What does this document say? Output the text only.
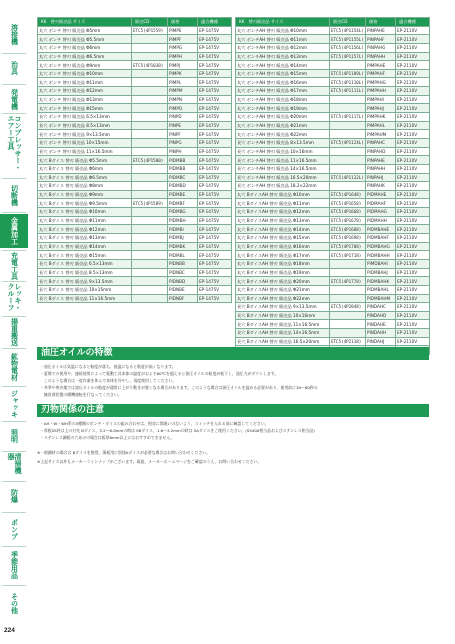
溶接機
治具
発電機
コンプレッサー・エアー工具
切断機
金属加工
充電工具
レッキ・クルーフ
揚重搬送
鉱物電材
ジャッキ
照明
清掃機器
防爆
ポンプ
季節用品
その他
KK　替刃販売品 サイズ	販売CD	価格	適合機種
丸穴 ボンチ 替刃 販売品 Φ5mm	ETC5(4P1559)	PIMPE	EP-1475V
丸穴 ボンチ 替刃 販売品 Φ5.5mm		PIMPF	EP-1475V
丸穴 ボンチ 替刃 販売品 Φ6mm		PIMPG	EP-1475V
丸穴 ボンチ 替刃 販売品 Φ6.5mm		PIMPH	EP-1475V
丸穴 ボンチ 替刃 販売品 Φ9mm	ETC5(4P1030)	PIMPJ	EP-1475V
丸穴 ボンチ 替刃 販売品 Φ10mm		PIMPK	EP-1475V
丸穴 ボンチ 替刃 販売品 Φ11mm		PIMPL	EP-1475V
丸穴 ボンチ 替刃 販売品 Φ12mm		PIMPM	EP-1475V
丸穴 ボンチ 替刃 販売品 Φ13mm		PIMPN	EP-1475V
丸穴 ボンチ 替刃 販売品 Φ15mm		PIMPO	EP-1475V
長穴 ボンチ 替刃 販売品 6.5×13mm		PINPD	EP-1475V
長穴 ボンチ 替刃 販売品 8.5×13mm		PINPE	EP-1475V
長穴 ボンチ 替刃 販売品 9×13.5mm		PINPF	EP-1475V
長穴 ボンチ 替刃 販売品 10×15mm		PINPG	EP-1475V
長穴 ボンチ 替刃 販売品 11×16.5mm		PINPH	EP-1475V
丸穴 Bダイス 替刃 販売品 Φ5.5mm	ETC5(4P1580)	PIDMBB	EP-1475V
丸穴 Bダイス 替刃 販売品 Φ6mm		PIDMBB	EP-1475V
丸穴 Bダイス 替刃 販売品 Φ6.5mm		PIDMBC	EP-1475V
丸穴 Bダイス 替刃 販売品 Φ8mm		PIDMBD	EP-1475V
丸穴 Bダイス 替刃 販売品 Φ9mm		PIDMBE	EP-1475V
丸穴 Bダイス 替刃 販売品 Φ9.5mm	ETC5(4P1589)	PIDMBF	EP-1475V
丸穴 Bダイス 替刃 販売品 Φ10mm		PIDMBG	EP-1475V
丸穴 Bダイス 替刃 販売品 Φ11mm		PIDMBH	EP-1475V
丸穴 Bダイス 替刃 販売品 Φ12mm		PIDMBI	EP-1475V
丸穴 Bダイス 替刃 販売品 Φ13mm		PIDMBJ	EP-1475V
丸穴 Bダイス 替刃 販売品 Φ14mm		PIDMBK	EP-1475V
丸穴 Bダイス 替刃 販売品 Φ15mm		PIDMBL	EP-1475V
長穴 Bダイス 替刃 販売品 6.5×13mm		PIDNBB	EP-1475V
長穴 Bダイス 替刃 販売品 8.5×13mm		PIDNBC	EP-1475V
長穴 Bダイス 替刃 販売品 9×13.5mm		PIDNBD	EP-1475V
長穴 Bダイス 替刃 販売品 10×15mm		PIDNBE	EP-1475V
長穴 Bダイス 替刃 販売品 11×16.5mm		PIDNBF	EP-1475V
KK　替刃販売品 サイズ	販売CD	価格	適合機種
丸穴 ボンチAH 替刃 販売品 Φ10mm	ETC5(4P1154L)	PINPAHE	EP-2110V
丸穴 ボンチAH 替刃 販売品 Φ11mm	ETC5(4P1155L)	PINPAHF	EP-2110V
丸穴 ボンチAH 替刃 販売品 Φ12mm	ETC5(4P1156L)	PINPAHG	EP-2110V
丸穴 ボンチAH 替刃 販売品 Φ13mm	ETC5(4P1157L)	PINPAHH	EP-2110V
丸穴 ボンチAH 替刃 販売品 Φ14mm		PIMPAHE	EP-2110V
丸穴 ボンチAH 替刃 販売品 Φ15mm	ETC5(4P1109L)	PIMPAHF	EP-2110V
丸穴 ボンチAH 替刃 販売品 Φ16mm	ETC5(4P1110L)	PIMPAHG	EP-2110V
丸穴 ボンチAH 替刃 販売品 Φ17mm	ETC5(4P1111L)	PIMPAHH	EP-2110V
丸穴 ボンチAH 替刃 販売品 Φ18mm		PIMPAHI	EP-2110V
丸穴 ボンチAH 替刃 販売品 Φ19mm		PIMPAHJ	EP-2110V
丸穴 ボンチAH 替刃 販売品 Φ20mm	ETC5(4P1117L)	PIMPAHK	EP-2110V
丸穴 ボンチAH 替刃 販売品 Φ21mm		PIMPAHL	EP-2110V
丸穴 ボンチAH 替刃 販売品 Φ22mm		PIMPAHM	EP-2110V
長穴 ボンチAH 替刃 販売品 8×13.5mm	ETC5(4P1124L)	PINPAHC	EP-2110V
長穴 ボンチAH 替刃 販売品 10×16mm		PINPAHD	EP-2110V
長穴 ボンチAH 替刃 販売品 11×16.5mm		PINPAHE	EP-2110V
長穴 ボンチAH 替刃 販売品 14×16.5mm		PINPAHH	EP-2110V
長穴 ボンチAH 替刃 販売品 16.5×20mm	ETC5(4P1132L)	PINPAHJ	EP-2110V
長穴 ボンチAH 替刃 販売品 18.2×22mm		PINPAHK	EP-2110V
丸穴 BダイスAH 替刃 販売品 Φ10mm	ETC5(4P1648)	PIDMAHE	EP-2110V
丸穴 BダイスAH 替刃 販売品 Φ11mm	ETC5(4P1658)	PIDMAHF	EP-2110V
丸穴 BダイスAH 替刃 販売品 Φ12mm	ETC5(4P1668)	PIDMAHG	EP-2110V
丸穴 BダイスAH 替刃 販売品 Φ13mm	ETC5(4P1678)	PIDMAHH	EP-2110V
丸穴 BダイスAH 替刃 販売品 Φ14mm	ETC5(4P1688)	PIDMBAHE	EP-2110V
丸穴 BダイスAH 替刃 販売品 Φ15mm	ETC5(4P1698)	PIDMBAHF	EP-2110V
丸穴 BダイスAH 替刃 販売品 Φ16mm	ETC5(4P1708)	PIDMBAHG	EP-2110V
丸穴 BダイスAH 替刃 販売品 Φ17mm	ETC5(4P1718)	PIDMBAHH	EP-2110V
丸穴 BダイスAH 替刃 販売品 Φ18mm		PIMDBAHI	EP-2110V
丸穴 BダイスAH 替刃 販売品 Φ19mm		PIDMBAHJ	EP-2110V
丸穴 BダイスAH 替刃 販売品 Φ20mm	ETC5(4P1778)	PIDMBAHK	EP-2110V
丸穴 BダイスAH 替刃 販売品 Φ21mm		PIDMBAHL	EP-2110V
丸穴 BダイスAH 替刃 販売品 Φ22mm		PIDMBAHM	EP-2110V
長穴 BダイスAH 替刃 販売品 9×13.5mm	ETC5(4P2048)	PINDAHC	EP-2110V
長穴 BダイスAH 替刃 販売品 10×16mm		PINDAHD	EP-2110V
長穴 BダイスAH 替刃 販売品 11×16.5mm		PINDAHE	EP-2110V
長穴 BダイスAH 替刃 販売品 14×16.5mm		PINDAHH	EP-2110V
長穴 BダイスAH 替刃 販売品 16.5×20mm	ETC5(4P2118)	PINDAHJ	EP-2110V

油圧オイルの特徴
・油圧オイルは気温になると粘度が落ち、低温になると粘度が高くなります。
・夏場での使用や、連続使用によって電動工具本体の温度がおよそ60℃を超えると油圧オイルの粘度が低下し、油圧力がダウンします。
　このような場合は一度作業を休んで本体を冷やし、再度使用してください。
・冬季や寒冷地では油圧オイルの粘度が通常に上がり動きが悪くなる場合があります。このような場合は油圧オイルを温める必要があり、使用前に30～60秒の
　無負荷状態の暖機運転を行なってください。
刃物関係の注意
・AH・W・WH系の3種類のボンチ・ダイスの組み合わせは、相対に間違いのないよう、スイッチを入れる前に確認してください。
・厚板SS材は上の刃先 Bダイス、3.2～6.0mmの時は SBダイス、1.6～3.2mmの時は SAダイスをご使用ください。(SS400相当品およびステンレス相当品)
・ステンレス鋼板の穴あけの場合は板厚6mm以上にはおすすめできません。
※一般鋼材の場合は Bダイスを推奨、薄板用に別途Aダイスが必要な場合はお問い合わせください。
※上記サイズ以外もメーカーラインナップがございます。取扱、メーカーホームページをご確認のうえ、お問い合わせください。
224
